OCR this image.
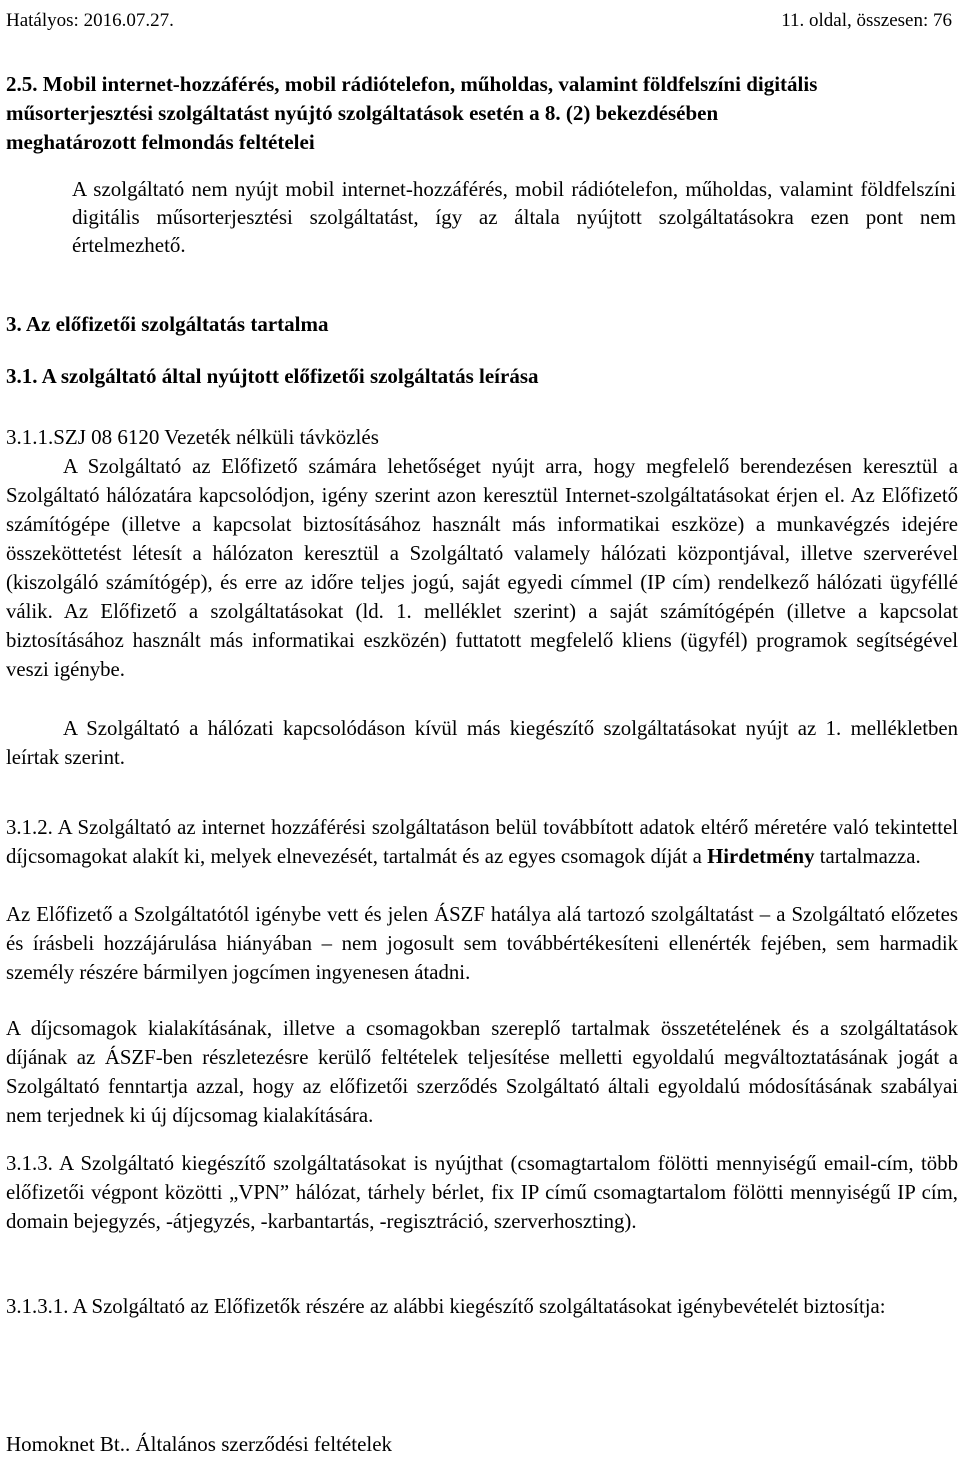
Hatályos: 2016.07.27.	11. oldal, összesen: 76
2.5. Mobil internet-hozzáférés, mobil rádiótelefon, műholdas, valamint földfelszíni digitális
műsorterjesztési szolgáltatást nyújtó szolgáltatások esetén a 8. (2) bekezdésében
meghatározott felmondás feltételei
A szolgáltató nem nyújt mobil internet-hozzáférés, mobil rádiótelefon, műholdas, valamint földfelszíni digitális műsorterjesztési szolgáltatást, így az általa nyújtott szolgáltatásokra ezen pont nem értelmezhető.
3. Az előfizetői szolgáltatás tartalma
3.1. A szolgáltató által nyújtott előfizetői szolgáltatás leírása
3.1.1.SZJ 08 6120 Vezeték nélküli távközlés
A Szolgáltató az Előfizető számára lehetőséget nyújt arra, hogy megfelelő berendezésen keresztül a Szolgáltató hálózatára kapcsolódjon, igény szerint azon keresztül Internet-szolgáltatásokat érjen el. Az Előfizető számítógépe (illetve a kapcsolat biztosításához használt más informatikai eszköze) a munkavégzés idejére összeköttetést létesít a hálózaton keresztül a Szolgáltató valamely hálózati központjával, illetve szerverével (kiszolgáló számítógép), és erre az időre teljes jogú, saját egyedi címmel (IP cím) rendelkező hálózati ügyféllé válik. Az Előfizető a szolgáltatásokat (ld. 1. melléklet szerint) a saját számítógépén (illetve a kapcsolat biztosításához használt más informatikai eszközén) futtatott megfelelő kliens (ügyfél) programok segítségével veszi igénybe.
A Szolgáltató a hálózati kapcsolódáson kívül más kiegészítő szolgáltatásokat nyújt az 1. mellékletben leírtak szerint.
3.1.2. A Szolgáltató az internet hozzáférési szolgáltatáson belül továbbított adatok eltérő méretére való tekintettel díjcsomagokat alakít ki, melyek elnevezését, tartalmát és az egyes csomagok díját a Hirdetmény tartalmazza.
Az Előfizető a Szolgáltatótól igénybe vett és jelen ÁSZF hatálya alá tartozó szolgáltatást – a Szolgáltató előzetes és írásbeli hozzájárulása hiányában – nem jogosult sem továbbértékesíteni ellenérték fejében, sem harmadik személy részére bármilyen jogcímen ingyenesen átadni.
A díjcsomagok kialakításának, illetve a csomagokban szereplő tartalmak összetételének és a szolgáltatások díjának az ÁSZF-ben részletezésre kerülő feltételek teljesítése melletti egyoldalú megváltoztatásának jogát a Szolgáltató fenntartja azzal, hogy az előfizetői szerződés Szolgáltató általi egyoldalú módosításának szabályai nem terjednek ki új díjcsomag kialakítására.
3.1.3. A Szolgáltató kiegészítő szolgáltatásokat is nyújthat (csomagtartalom fölötti mennyiségű email-cím, több előfizetői végpont közötti „VPN” hálózat, tárhely bérlet, fix IP című csomagtartalom fölötti mennyiségű IP cím, domain bejegyzés, -átjegyzés, -karbantartás, -regisztráció, szerverhoszting).
3.1.3.1. A Szolgáltató az Előfizetők részére az alábbi kiegészítő szolgáltatásokat igénybevételét biztosítja:
Homoknet Bt.. Általános szerződési feltételek
